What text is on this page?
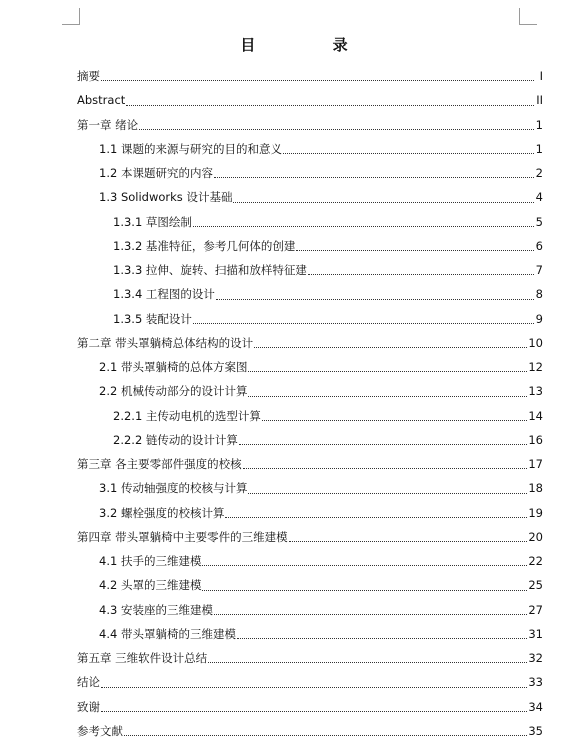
目 录
摘要	I
Abstract	II
第一章 绪论	1
1.1 课题的来源与研究的目的和意义	1
1.2 本课题研究的内容	2
1.3 Solidworks 设计基础	4
1.3.1 草图绘制	5
1.3.2 基准特征，参考几何体的创建	6
1.3.3 拉伸、旋转、扫描和放样特征建	7
1.3.4 工程图的设计	8
1.3.5 装配设计	9
第二章 带头罩躺椅总体结构的设计	10
2.1 带头罩躺椅的总体方案图	12
2.2 机械传动部分的设计计算	13
2.2.1 主传动电机的选型计算	14
2.2.2 链传动的设计计算	16
第三章 各主要零部件强度的校核	17
3.1 传动轴强度的校核与计算	18
3.2 螺栓强度的校核计算	19
第四章 带头罩躺椅中主要零件的三维建模	20
4.1 扶手的三维建模	22
4.2 头罩的三维建模	25
4.3 安装座的三维建模	27
4.4 带头罩躺椅的三维建模	31
第五章 三维软件设计总结	32
结论	33
致谢	34
参考文献	35
